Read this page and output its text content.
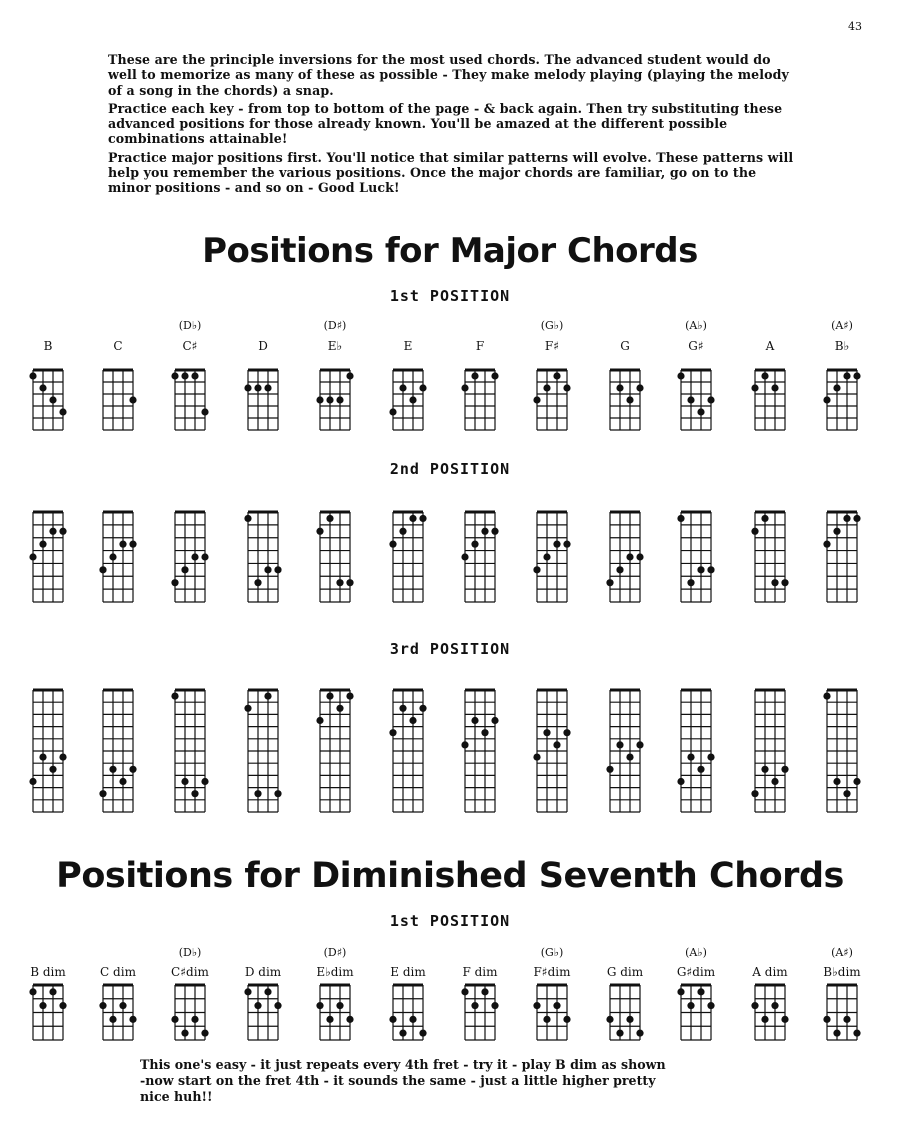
43

These are the principle inversions for the most used chords. The advanced student would do well to memorize as many of these as possible - They make melody playing (playing the melody of a song in the chords) a snap.

Practice each key - from top to bottom of the page - & back again. Then try substituting these advanced positions for those already known. You'll be amazed at the different possible combinations attainable!

Practice major positions first. You'll notice that similar patterns will evolve. These patterns will help you remember the various positions. Once the major chords are familiar, go on to the minor positions - and so on - Good Luck!

Positions for Major Chords
1st POSITION
2nd POSITION
3rd POSITION
Positions for Diminished Seventh Chords
1st POSITION
B	C
(D♭)
C♯	D
(D♯)
E♭	E	F
(G♭)
F♯	G
(A♭)
G♯	A
(A♯)
B♭
B dim	C dim
(D♭)
C♯dim	D dim
(D♯)
E♭dim	E dim	F dim
(G♭)
F♯dim	G dim
(A♭)
G♯dim	A dim
(A♯)
B♭dim

This one's easy - it just repeats every 4th fret - try it - play B dim as shown

-now start on the fret 4th - it sounds the same - just a little higher pretty

nice huh!!
